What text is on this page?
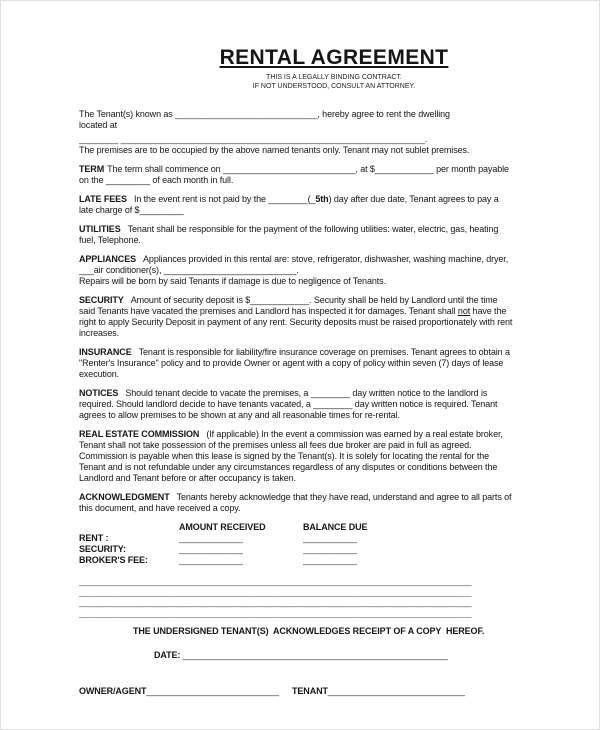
RENTAL AGREEMENT
THIS IS A LEGALLY BINDING CONTRACT.
IF NOT UNDERSTOOD, CONSULT AN ATTORNEY.
The Tenant(s) known as _____________________________, hereby agree to rent the dwelling
located at
________ ______________________________________________________________.
The premises are to be occupied by the above named tenants only. Tenant may not sublet premises.

TERM The term shall commence on ___________________________, at $____________ per month payable on the _________ of each month in full.

LATE FEES In the event rent is not paid by the ________(_5th) day after due date, Tenant agrees to pay a late charge of $_________

UTILITIES Tenant shall be responsible for the payment of the following utilities: water, electric, gas, heating fuel, Telephone.

APPLIANCES Appliances provided in this rental are: stove, refrigerator, dishwasher, washing machine, dryer, ___air conditioner(s), ___________________________.
Repairs will be born by said Tenants if damage is due to negligence of Tenants.

SECURITY Amount of security deposit is $____________. Security shall be held by Landlord until the time said Tenants have vacated the premises and Landlord has inspected it for damages. Tenant shall not have the right to apply Security Deposit in payment of any rent. Security deposits must be raised proportionately with rent increases.

INSURANCE Tenant is responsible for liability/fire insurance coverage on premises. Tenant agrees to obtain a "Renter's Insurance" policy and to provide Owner or agent with a copy of policy within seven (7) days of lease execution.

NOTICES Should tenant decide to vacate the premises, a ________ day written notice to the landlord is required. Should landlord decide to have tenants vacated, a ________ day written notice is required. Tenant agrees to allow premises to be shown at any and all reasonable times for re-rental.

REAL ESTATE COMMISSION (If applicable) In the event a commission was earned by a real estate broker, Tenant shall not take possession of the premises unless all fees due broker are paid in full as agreed. Commission is payable when this lease is signed by the Tenant(s). It is solely for locating the rental for the Tenant and is not refundable under any circumstances regardless of any disputes or conditions between the Landlord and Tenant before or after occupancy is taken.

ACKNOWLEDGMENT Tenants hereby acknowledge that they have read, understand and agree to all parts of this document, and have received a copy.

AMOUNT RECEIVED	BALANCE DUE
RENT :	_____________	___________
SECURITY:	_____________	___________
BROKER'S FEE:	_____________	___________
________________________________________________________________________________
________________________________________________________________________________
________________________________________________________________________________
________________________________________________________________________________
THE UNDERSIGNED TENANT(S)  ACKNOWLEDGES RECEIPT OF A COPY  HEREOF.
DATE: ______________________________________________________
OWNER/AGENT___________________________	TENANT____________________________
